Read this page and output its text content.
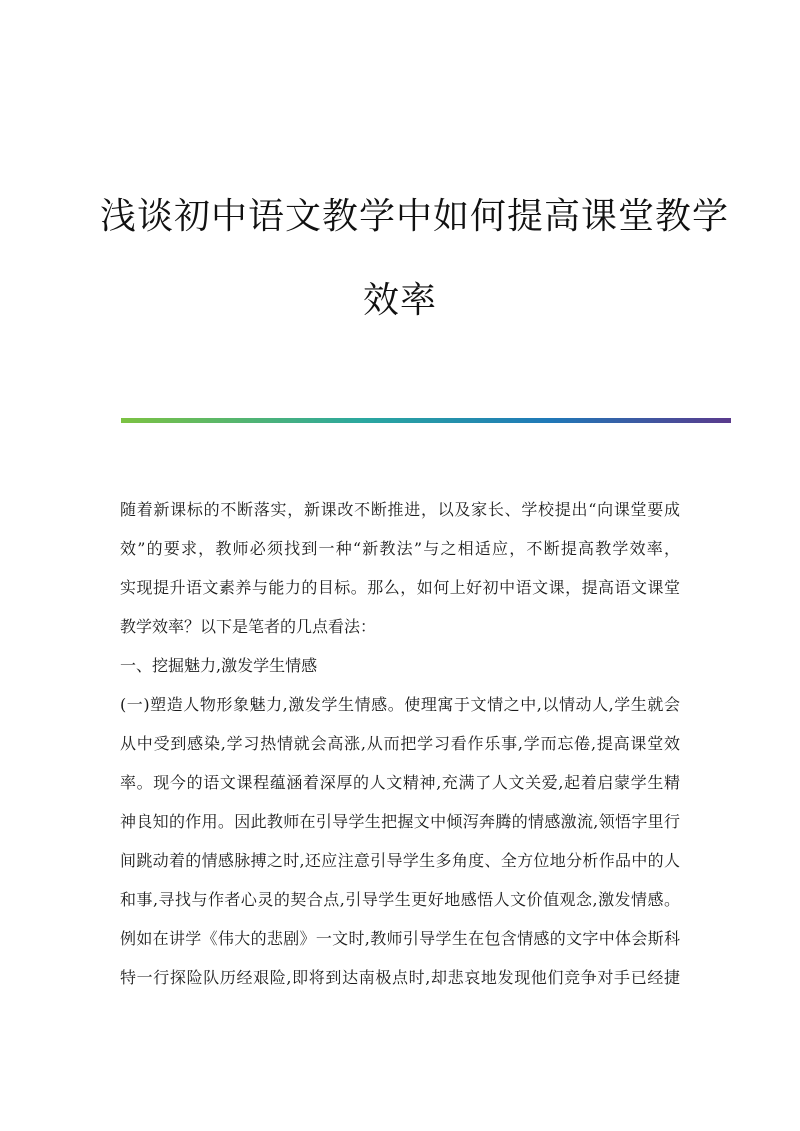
浅谈初中语文教学中如何提高课堂教学
效率
随着新课标的不断落实，新课改不断推进，以及家长、学校提出“向课堂要成
效”的要求，教师必须找到一种“新教法”与之相适应，不断提高教学效率，
实现提升语文素养与能力的目标。那么，如何上好初中语文课，提高语文课堂
教学效率？以下是笔者的几点看法：
一、挖掘魅力,激发学生情感
(一)塑造人物形象魅力,激发学生情感。使理寓于文情之中,以情动人,学生就会
从中受到感染,学习热情就会高涨,从而把学习看作乐事,学而忘倦,提高课堂效
率。现今的语文课程蕴涵着深厚的人文精神,充满了人文关爱,起着启蒙学生精
神良知的作用。因此教师在引导学生把握文中倾泻奔腾的情感激流,领悟字里行
间跳动着的情感脉搏之时,还应注意引导学生多角度、全方位地分析作品中的人
和事,寻找与作者心灵的契合点,引导学生更好地感悟人文价值观念,激发情感。
例如在讲学《伟大的悲剧》一文时,教师引导学生在包含情感的文字中体会斯科
特一行探险队历经艰险,即将到达南极点时,却悲哀地发现他们竞争对手已经捷
